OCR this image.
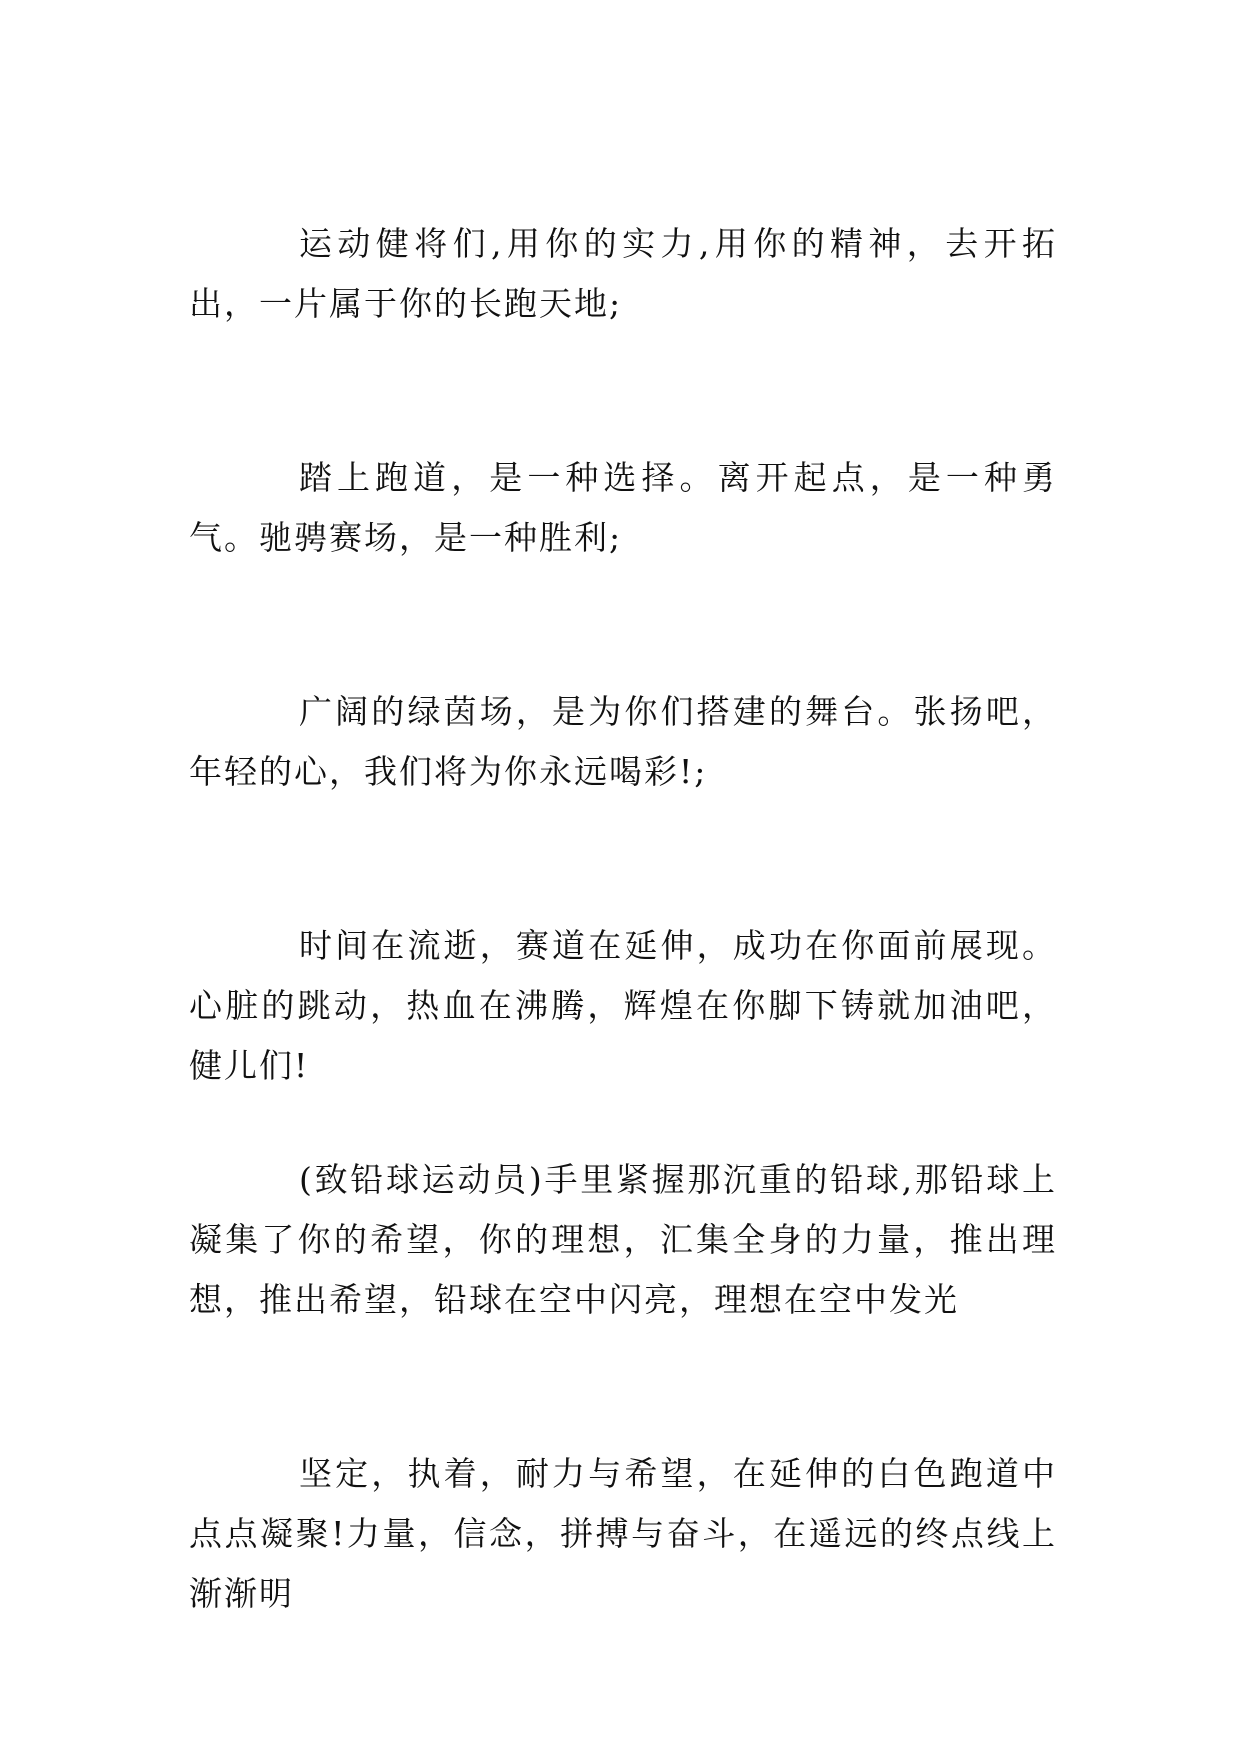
运动健将们,用你的实力,用你的精神，去开拓出，一片属于你的长跑天地;

踏上跑道，是一种选择。离开起点，是一种勇气。驰骋赛场，是一种胜利;

广阔的绿茵场，是为你们搭建的舞台。张扬吧，年轻的心，我们将为你永远喝彩!;

时间在流逝，赛道在延伸，成功在你面前展现。心脏的跳动，热血在沸腾，辉煌在你脚下铸就加油吧，健儿们!

(致铅球运动员)手里紧握那沉重的铅球,那铅球上凝集了你的希望，你的理想，汇集全身的力量，推出理想，推出希望，铅球在空中闪亮，理想在空中发光

坚定，执着，耐力与希望，在延伸的白色跑道中点点凝聚!力量，信念，拼搏与奋斗，在遥远的终点线上渐渐明
